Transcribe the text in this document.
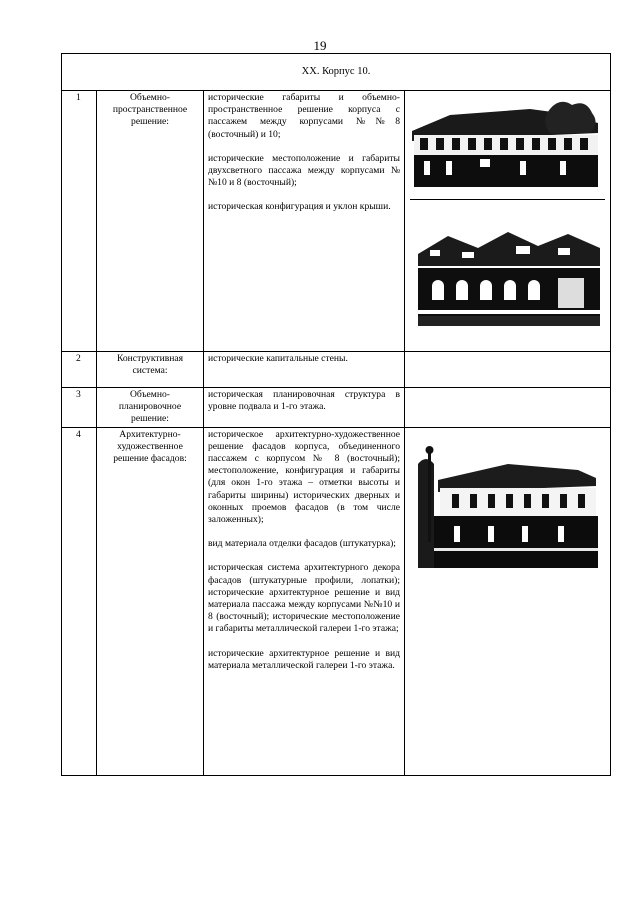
19
XX. Корпус 10.			
1	Объемно-пространственное решение:	исторические габариты и объемно-пространственное решение корпуса с пассажем между корпусами №№8 (восточный) и 10;

исторические местоположение и габариты двухсветного пассажа между корпусами №№10 и 8 (восточный);

историческая конфигурация и уклон крыши.

2	Конструктивная система:	исторические капитальные стены.	

3	Объемно-планировочное решение:	историческая планировочная структура в уровне подвала и 1-го этажа.	

4	Архитектурно-художественное решение фасадов:	историческое архитектурно-художественное решение фасадов корпуса, объединенного пассажем с корпусом № 8 (восточный); местоположение, конфигурация и габариты (для окон 1-го этажа – отметки высоты и габариты ширины) исторических дверных и оконных проемов фасадов (в том числе заложенных);

вид материала отделки фасадов (штукатурка);

историческая система архитектурного декора фасадов (штукатурные профили, лопатки); исторические архитектурное решение и вид материала пассажа между корпусами №№10 и 8 (восточный); исторические местоположение и габариты металлической галереи 1-го этажа;

исторические архитектурное решение и вид материала металлической галереи 1-го этажа.
